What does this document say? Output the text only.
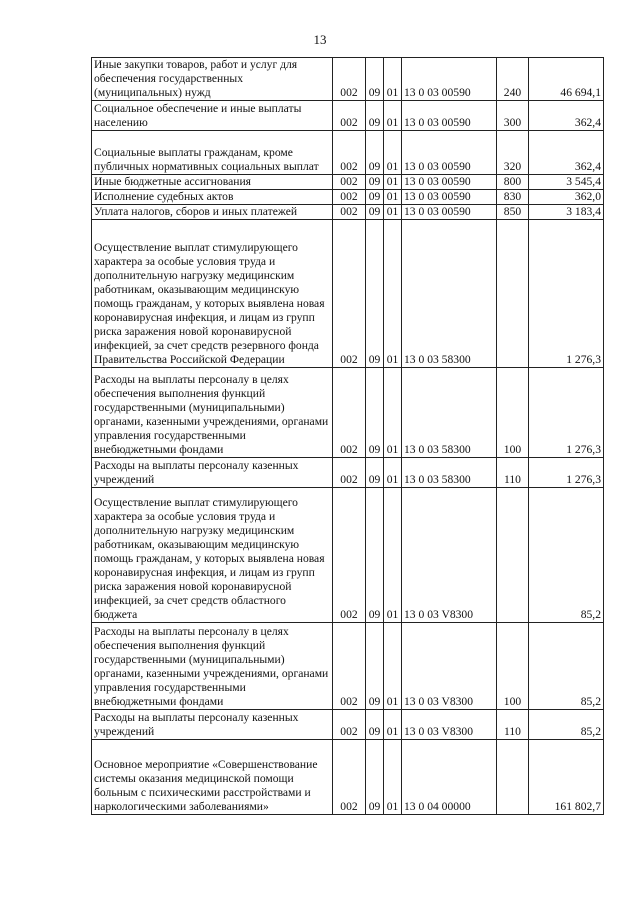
13
Иные закупки товаров, работ и услуг для обеспечения государственных (муниципальных) нужд	002	09	01	13 0 03 00590	240	46 694,1
Социальное обеспечение и иные выплаты населению	002	09	01	13 0 03 00590	300	362,4
Социальные выплаты гражданам, кроме публичных нормативных социальных выплат	002	09	01	13 0 03 00590	320	362,4
Иные бюджетные ассигнования	002	09	01	13 0 03 00590	800	3 545,4
Исполнение судебных актов	002	09	01	13 0 03 00590	830	362,0
Уплата налогов, сборов и иных платежей	002	09	01	13 0 03 00590	850	3 183,4
Осуществление выплат стимулирующего характера за особые условия труда и дополнительную нагрузку медицинским работникам, оказывающим медицинскую помощь гражданам, у которых выявлена новая коронавирусная инфекция, и лицам из групп риска заражения новой коронавирусной инфекцией, за счет средств резервного фонда Правительства Российской Федерации	002	09	01	13 0 03 58300		1 276,3
Расходы на выплаты персоналу в целях обеспечения выполнения функций государственными (муниципальными) органами, казенными учреждениями, органами управления государственными внебюджетными фондами	002	09	01	13 0 03 58300	100	1 276,3
Расходы на выплаты персоналу казенных учреждений	002	09	01	13 0 03 58300	110	1 276,3
Осуществление выплат стимулирующего характера за особые условия труда и дополнительную нагрузку медицинским работникам, оказывающим медицинскую помощь гражданам, у которых выявлена новая коронавирусная инфекция, и лицам из групп риска заражения новой коронавирусной инфекцией, за счет средств областного бюджета	002	09	01	13 0 03 V8300		85,2
Расходы на выплаты персоналу в целях обеспечения выполнения функций государственными (муниципальными) органами, казенными учреждениями, органами управления государственными внебюджетными фондами	002	09	01	13 0 03 V8300	100	85,2
Расходы на выплаты персоналу казенных учреждений	002	09	01	13 0 03 V8300	110	85,2
Основное мероприятие «Совершенствование системы оказания медицинской помощи больным с психическими расстройствами и наркологическими заболеваниями»	002	09	01	13 0 04 00000		161 802,7
